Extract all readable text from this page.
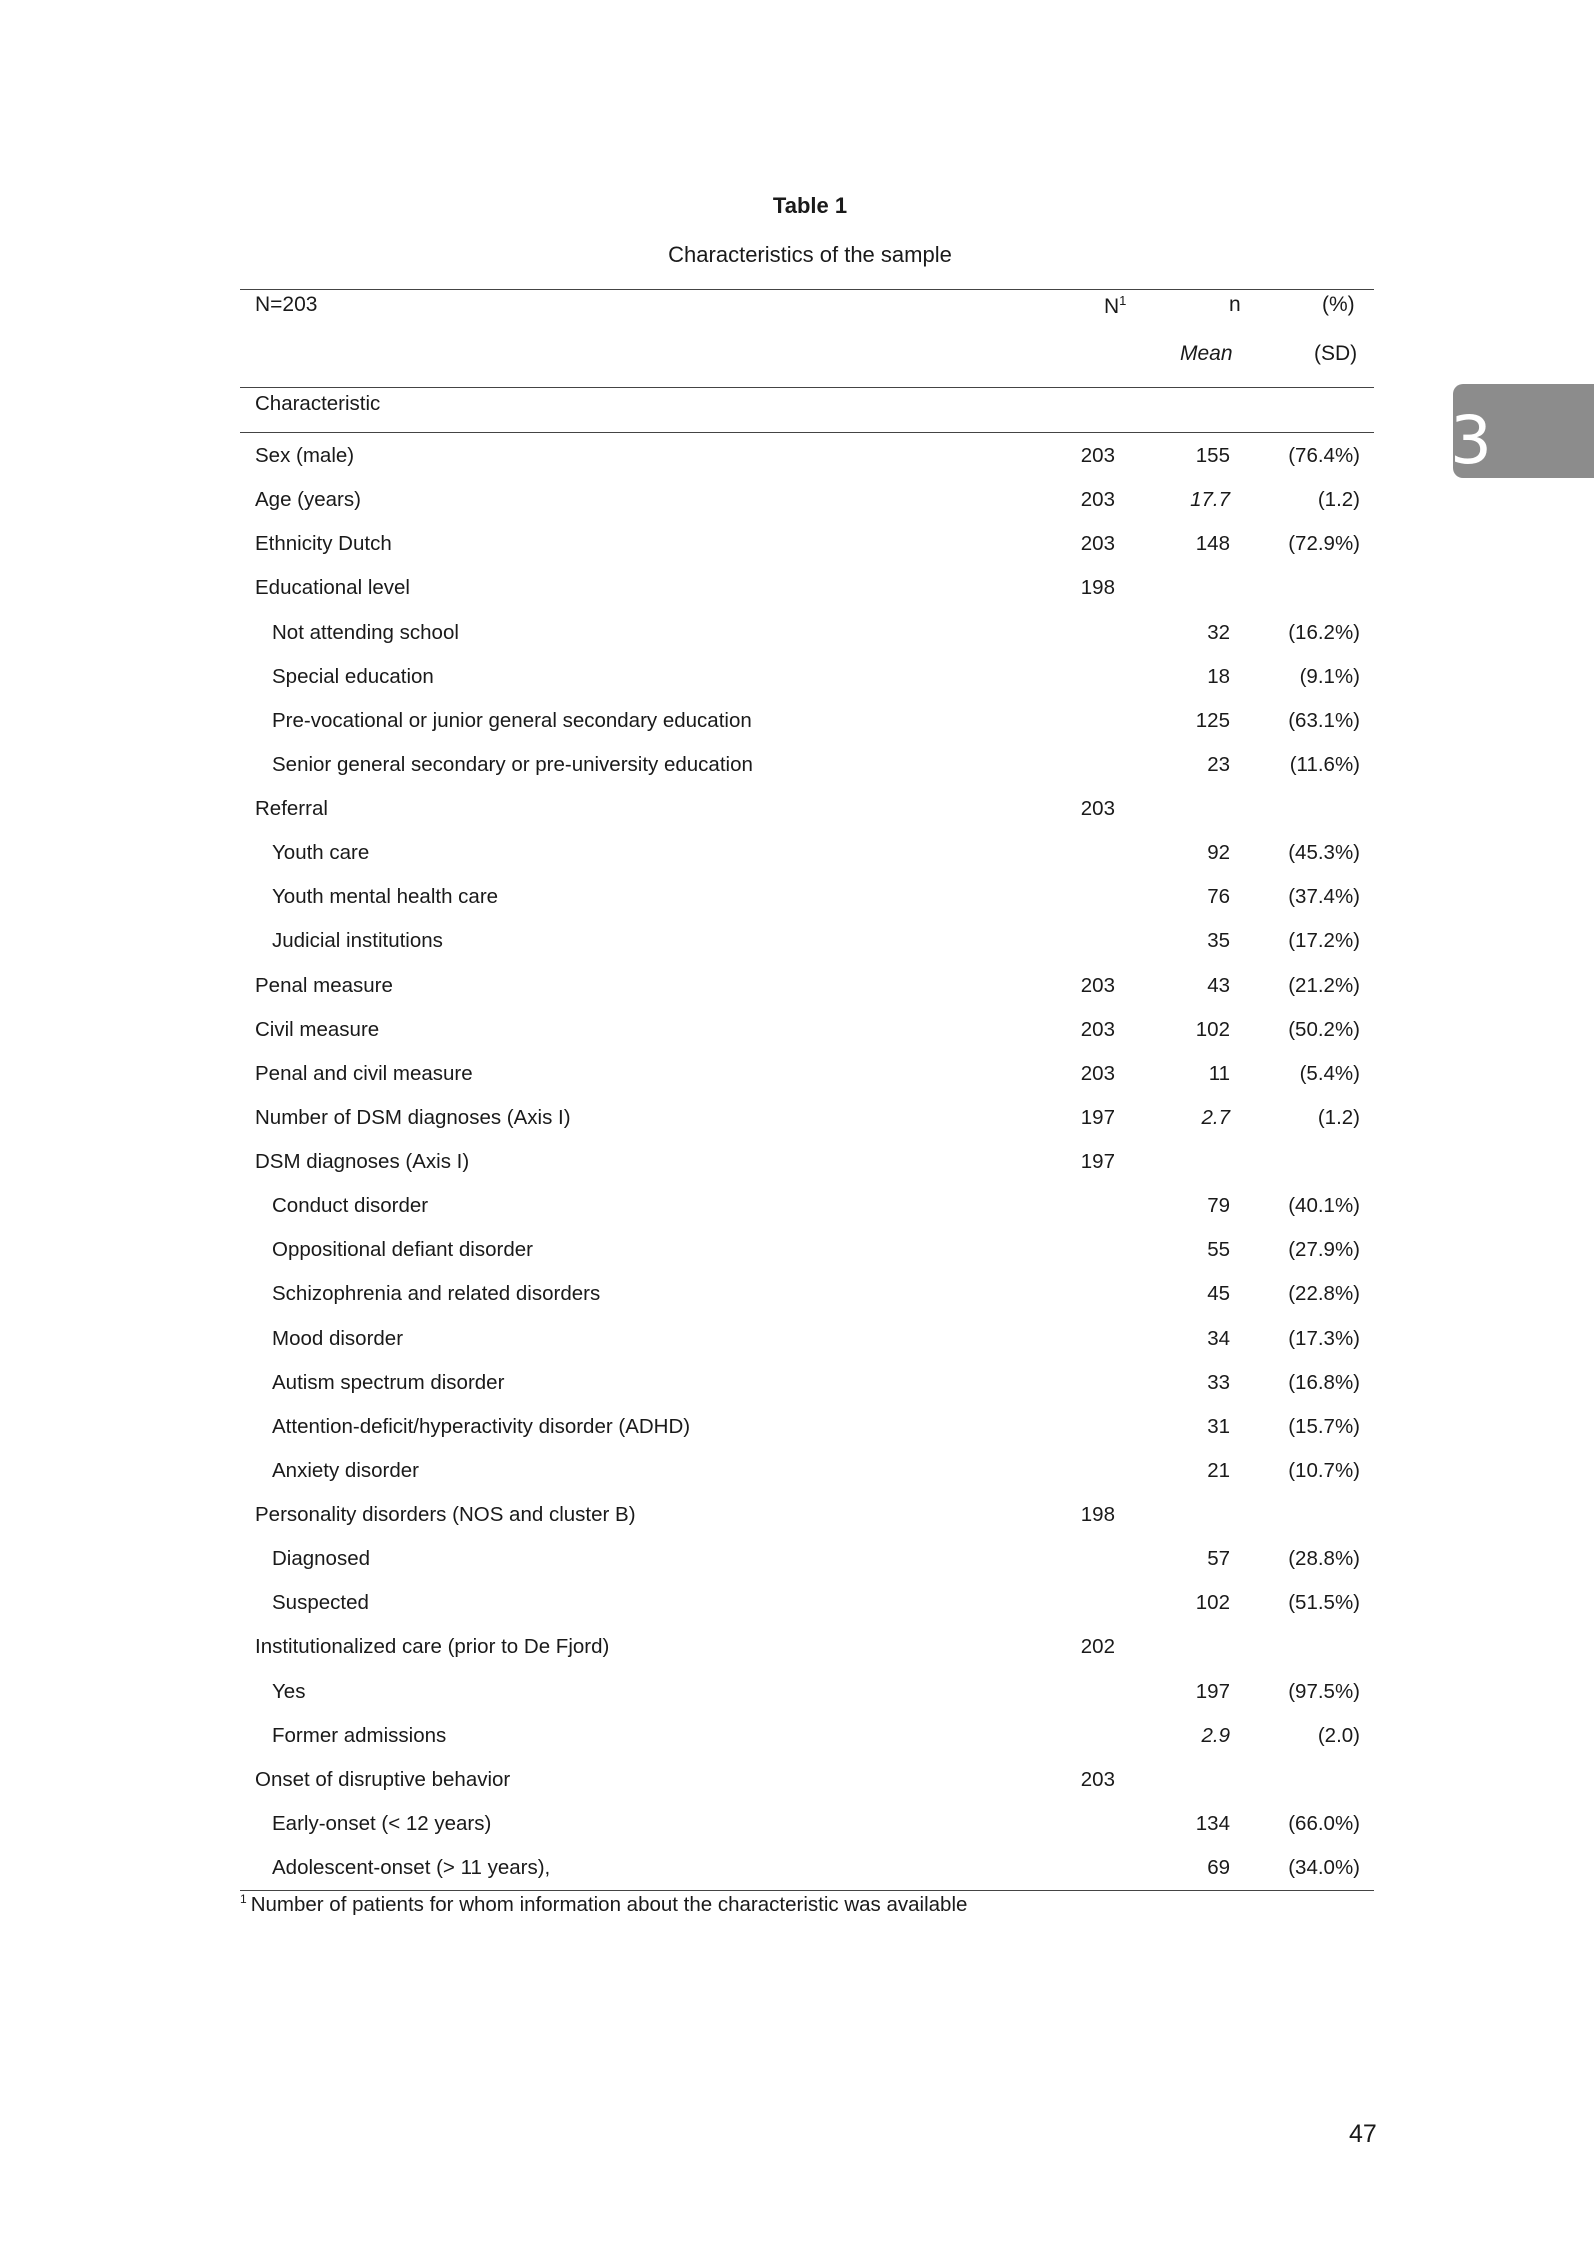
Table 1
Characteristics of the sample
N=203	$N^1$	n	(%)
Mean	(SD)
Characteristic
Sex (male)	203	155	(76.4%)
Age (years)	203	17.7	(1.2)
Ethnicity Dutch	203	148	(72.9%)
Educational level	198		
Not attending school		32	(16.2%)
Special education		18	(9.1%)
Pre-vocational or junior general secondary education		125	(63.1%)
Senior general secondary or pre-university education		23	(11.6%)
Referral	203		
Youth care		92	(45.3%)
Youth mental health care		76	(37.4%)
Judicial institutions		35	(17.2%)
Penal measure	203	43	(21.2%)
Civil measure	203	102	(50.2%)
Penal and civil measure	203	11	(5.4%)
Number of DSM diagnoses (Axis I)	197	2.7	(1.2)
DSM diagnoses (Axis I)	197		
Conduct disorder		79	(40.1%)
Oppositional defiant disorder		55	(27.9%)
Schizophrenia and related disorders		45	(22.8%)
Mood disorder		34	(17.3%)
Autism spectrum disorder		33	(16.8%)
Attention-deficit/hyperactivity disorder (ADHD)		31	(15.7%)
Anxiety disorder		21	(10.7%)
Personality disorders (NOS and cluster B)	198		
Diagnosed		57	(28.8%)
Suspected		102	(51.5%)
Institutionalized care (prior to De Fjord)	202		
Yes		197	(97.5%)
Former admissions		2.9	(2.0)
Onset of disruptive behavior	203		
Early-onset (< 12 years)		134	(66.0%)
Adolescent-onset (> 11 years),		69	(34.0%)
$^1$ Number of patients for whom information about the characteristic was available
3
47
